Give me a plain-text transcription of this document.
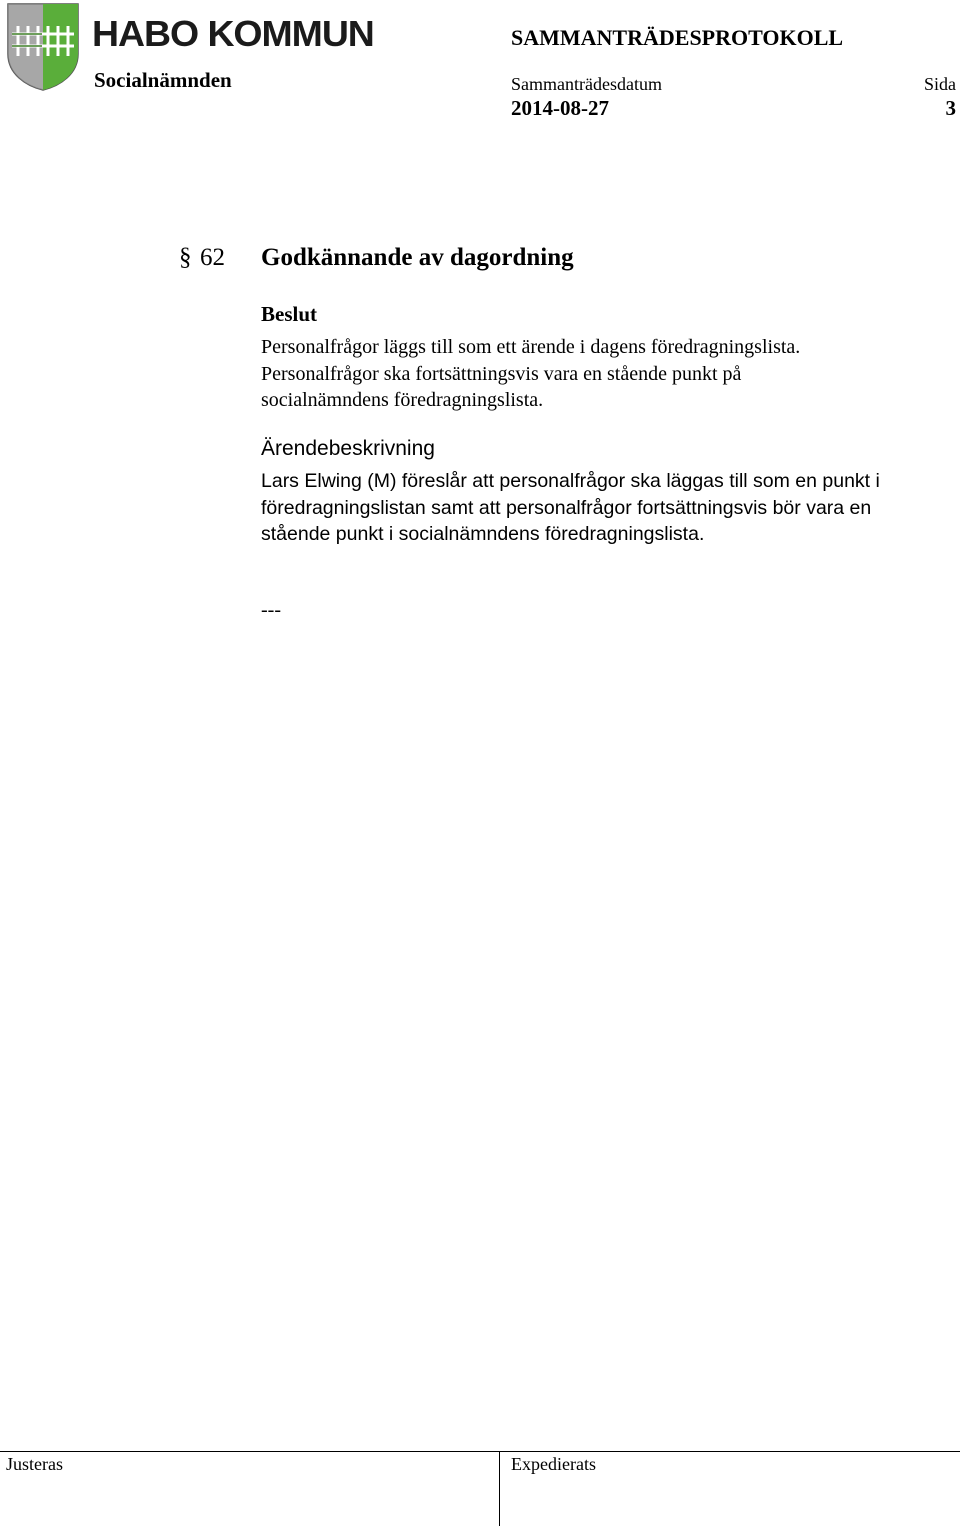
HABO KOMMUN
Socialnämnden
SAMMANTRÄDESPROTOKOLL
Sammanträdesdatum	Sida
2014-08-27	3
§ 62 Godkännande av dagordning
Beslut
Personalfrågor läggs till som ett ärende i dagens föredragningslista.
Personalfrågor ska fortsättningsvis vara en stående punkt på
socialnämndens föredragningslista.
Ärendebeskrivning
Lars Elwing (M) föreslår att personalfrågor ska läggas till som en punkt i
föredragningslistan samt att personalfrågor fortsättningsvis bör vara en
stående punkt i socialnämndens föredragningslista.
---
Justeras	Expedierats
